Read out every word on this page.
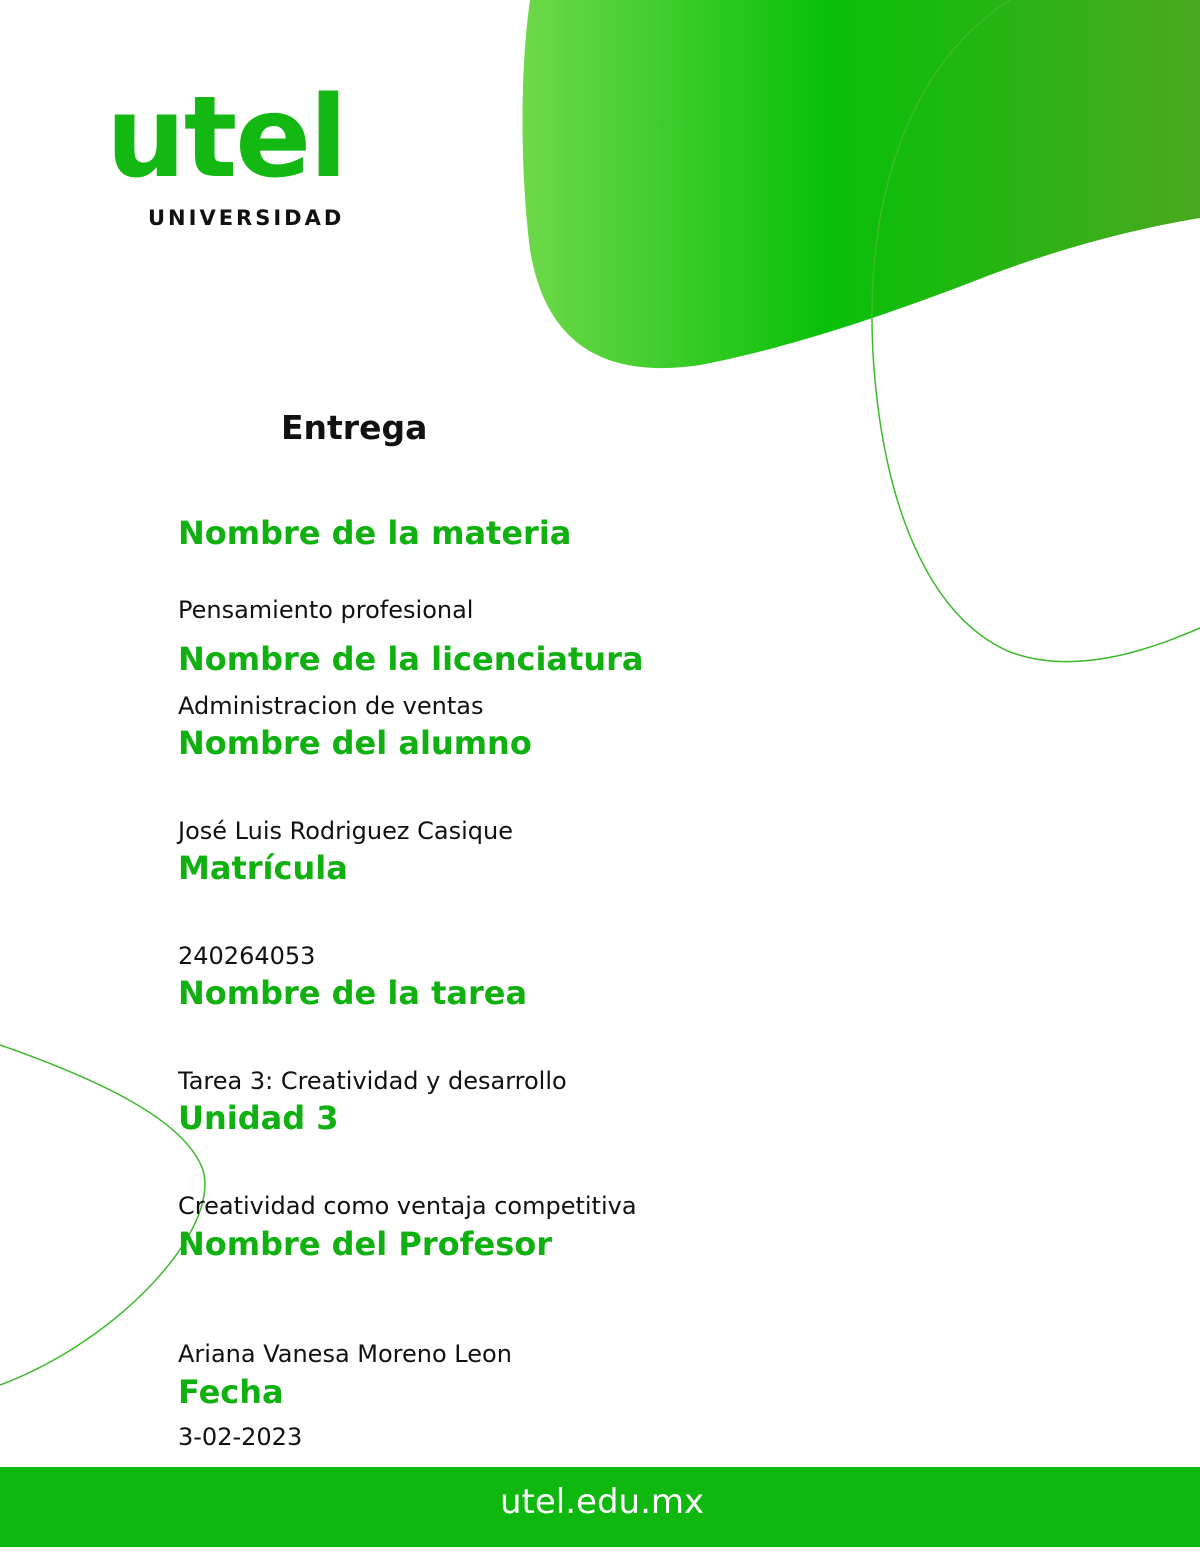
utel
UNIVERSIDAD
Entrega
Nombre de la materia
Pensamiento profesional
Nombre de la licenciatura
Administracion de ventas
Nombre del alumno
José Luis Rodriguez Casique
Matrícula
240264053
Nombre de la tarea
Tarea 3: Creatividad y desarrollo
Unidad 3
Creatividad como ventaja competitiva
Nombre del Profesor
Ariana Vanesa Moreno Leon
Fecha
3-02-2023
utel.edu.mx
